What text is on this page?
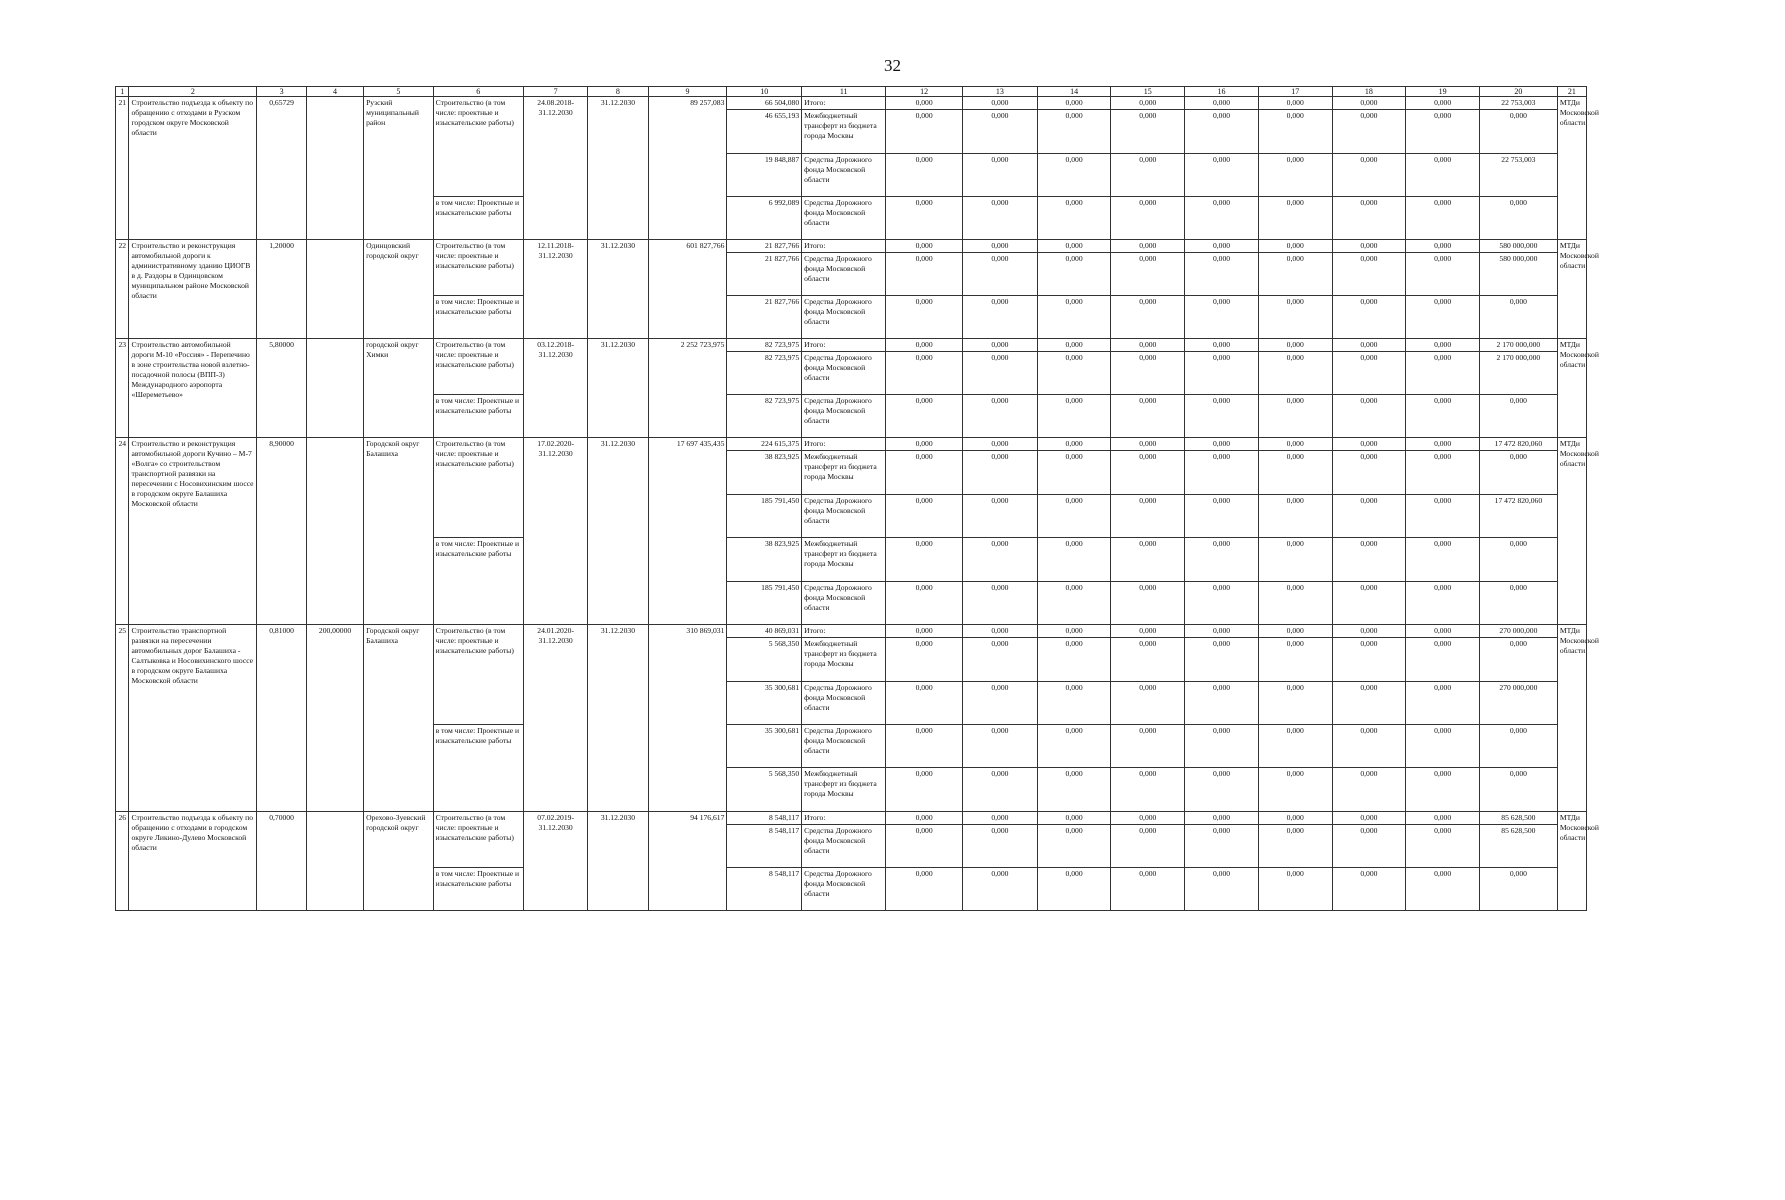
32
1	2	3	4	5	6	7	8	9	10	11	12	13	14	15	16	17	18	19	20	21
21	Строительство подъезда к объекту по обращению с отходами в Рузском городском округе Московской области	0,65729		Рузский муниципальный район	Строительство (в том числе: проектные и изыскательские работы)	24.08.2018-31.12.2030	31.12.2030	89 257,083	66 504,080	Итого:	0,000	0,000	0,000	0,000	0,000	0,000	0,000	0,000	22 753,003	МТДи Московской области
									46 655,193	Межбюджетный трансферт из бюджета города Москвы	0,000	0,000	0,000	0,000	0,000	0,000	0,000	0,000	0,000	
									19 848,887	Средства Дорожного фонда Московской области	0,000	0,000	0,000	0,000	0,000	0,000	0,000	0,000	22 753,003	
					в том числе: Проектные и изыскательские работы				6 992,089	Средства Дорожного фонда Московской области	0,000	0,000	0,000	0,000	0,000	0,000	0,000	0,000	0,000	
22	Строительство и реконструкция автомобильной дороги к административному зданию ЦИОГВ в д. Раздоры в Одинцовском муниципальном районе Московской области	1,20000		Одинцовский городской округ	Строительство (в том числе: проектные и изыскательские работы)	12.11.2018-31.12.2030	31.12.2030	601 827,766	21 827,766	Итого:	0,000	0,000	0,000	0,000	0,000	0,000	0,000	0,000	580 000,000	МТДи Московской области
									21 827,766	Средства Дорожного фонда Московской области	0,000	0,000	0,000	0,000	0,000	0,000	0,000	0,000	580 000,000	
					в том числе: Проектные и изыскательские работы				21 827,766	Средства Дорожного фонда Московской области	0,000	0,000	0,000	0,000	0,000	0,000	0,000	0,000	0,000	
23	Строительство автомобильной дороги М-10 «Россия» - Перепечино в зоне строительства новой взлетно-посадочной полосы (ВПП-3) Международного аэропорта «Шереметьево»	5,80000		городской округ Химки	Строительство (в том числе: проектные и изыскательские работы)	03.12.2018-31.12.2030	31.12.2030	2 252 723,975	82 723,975	Итого:	0,000	0,000	0,000	0,000	0,000	0,000	0,000	0,000	2 170 000,000	МТДи Московской области
									82 723,975	Средства Дорожного фонда Московской области	0,000	0,000	0,000	0,000	0,000	0,000	0,000	0,000	2 170 000,000	
					в том числе: Проектные и изыскательские работы				82 723,975	Средства Дорожного фонда Московской области	0,000	0,000	0,000	0,000	0,000	0,000	0,000	0,000	0,000	
24	Строительство и реконструкция автомобильной дороги Кучино – М-7 «Волга» со строительством транспортной развязки на пересечении с Носовихинским шоссе в городском округе Балашиха Московской области	8,90000		Городской округ Балашиха	Строительство (в том числе: проектные и изыскательские работы)	17.02.2020-31.12.2030	31.12.2030	17 697 435,435	224 615,375	Итого:	0,000	0,000	0,000	0,000	0,000	0,000	0,000	0,000	17 472 820,060	МТДи Московской области
									38 823,925	Межбюджетный трансферт из бюджета города Москвы	0,000	0,000	0,000	0,000	0,000	0,000	0,000	0,000	0,000	
									185 791,450	Средства Дорожного фонда Московской области	0,000	0,000	0,000	0,000	0,000	0,000	0,000	0,000	17 472 820,060	
					в том числе: Проектные и изыскательские работы				38 823,925	Межбюджетный трансферт из бюджета города Москвы	0,000	0,000	0,000	0,000	0,000	0,000	0,000	0,000	0,000	
									185 791,450	Средства Дорожного фонда Московской области	0,000	0,000	0,000	0,000	0,000	0,000	0,000	0,000	0,000	
25	Строительство транспортной развязки на пересечении автомобильных дорог Балашиха - Салтыковка и Носовихинского шоссе в городском округе Балашиха Московской области	0,81000	200,00000	Городской округ Балашиха	Строительство (в том числе: проектные и изыскательские работы)	24.01.2020-31.12.2030	31.12.2030	310 869,031	40 869,031	Итого:	0,000	0,000	0,000	0,000	0,000	0,000	0,000	0,000	270 000,000	МТДи Московской области
									5 568,350	Межбюджетный трансферт из бюджета города Москвы	0,000	0,000	0,000	0,000	0,000	0,000	0,000	0,000	0,000	
									35 300,681	Средства Дорожного фонда Московской области	0,000	0,000	0,000	0,000	0,000	0,000	0,000	0,000	270 000,000	
					в том числе: Проектные и изыскательские работы				35 300,681	Средства Дорожного фонда Московской области	0,000	0,000	0,000	0,000	0,000	0,000	0,000	0,000	0,000	
									5 568,350	Межбюджетный трансферт из бюджета города Москвы	0,000	0,000	0,000	0,000	0,000	0,000	0,000	0,000	0,000	
26	Строительство подъезда к объекту по обращению с отходами в городском округе Ликино-Дулево Московской области	0,70000		Орехово-Зуевский городской округ	Строительство (в том числе: проектные и изыскательские работы)	07.02.2019-31.12.2030	31.12.2030	94 176,617	8 548,117	Итого:	0,000	0,000	0,000	0,000	0,000	0,000	0,000	0,000	85 628,500	МТДи Московской области
									8 548,117	Средства Дорожного фонда Московской области	0,000	0,000	0,000	0,000	0,000	0,000	0,000	0,000	85 628,500	
					в том числе: Проектные и изыскательские работы				8 548,117	Средства Дорожного фонда Московской области	0,000	0,000	0,000	0,000	0,000	0,000	0,000	0,000	0,000	
